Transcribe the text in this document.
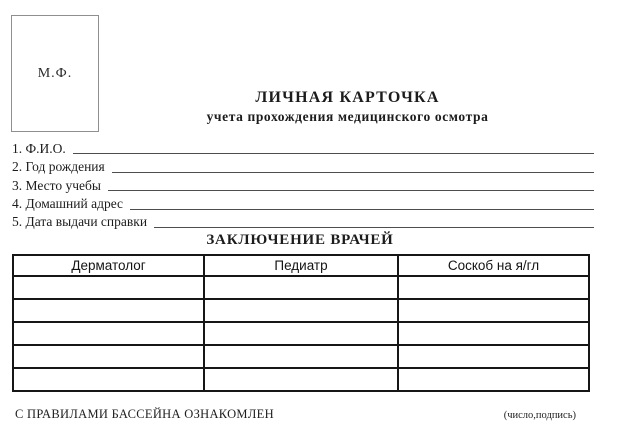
М.Ф.
ЛИЧНАЯ КАРТОЧКА
учета прохождения медицинского осмотра
1. Ф.И.О.
2. Год рождения
3. Место учебы
4. Домашний адрес
5. Дата выдачи справки
ЗАКЛЮЧЕНИЕ ВРАЧЕЙ
Дерматолог	Педиатр	Соскоб на я/гл

С ПРАВИЛАМИ БАССЕЙНА ОЗНАКОМЛЕН	(число,подпись)
